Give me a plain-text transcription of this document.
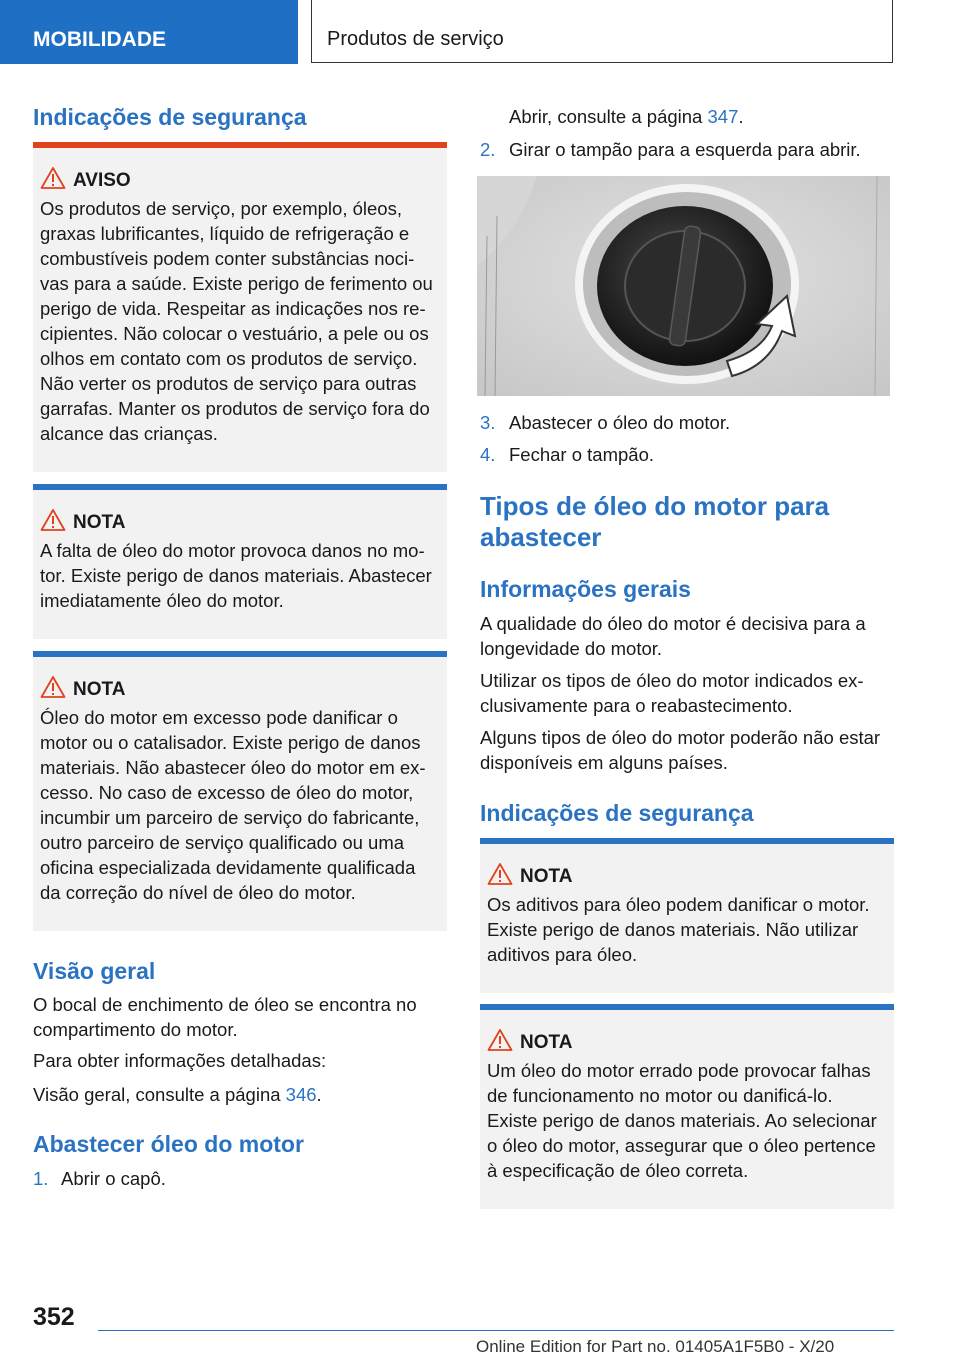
MOBILIDADE	Produtos de serviço
Indicações de segurança
AVISO
Os produtos de serviço, por exemplo, óleos,
graxas lubrificantes, líquido de refrigeração e
combustíveis podem conter substâncias noci-
vas para a saúde. Existe perigo de ferimento ou
perigo de vida. Respeitar as indicações nos re-
cipientes. Não colocar o vestuário, a pele ou os
olhos em contato com os produtos de serviço.
Não verter os produtos de serviço para outras
garrafas. Manter os produtos de serviço fora do
alcance das crianças.
NOTA
A falta de óleo do motor provoca danos no mo-
tor. Existe perigo de danos materiais. Abastecer
imediatamente óleo do motor.
NOTA
Óleo do motor em excesso pode danificar o
motor ou o catalisador. Existe perigo de danos
materiais. Não abastecer óleo do motor em ex-
cesso. No caso de excesso de óleo do motor,
incumbir um parceiro de serviço do fabricante,
outro parceiro de serviço qualificado ou uma
oficina especializada devidamente qualificada
da correção do nível de óleo do motor.
Visão geral
O bocal de enchimento de óleo se encontra no
compartimento do motor.
Para obter informações detalhadas:
Visão geral, consulte a página 346.
Abastecer óleo do motor
1. Abrir o capô.
Abrir, consulte a página 347.
2. Girar o tampão para a esquerda para abrir.
3. Abastecer o óleo do motor.
4. Fechar o tampão.
Tipos de óleo do motor para
abastecer
Informações gerais
A qualidade do óleo do motor é decisiva para a
longevidade do motor.
Utilizar os tipos de óleo do motor indicados ex-
clusivamente para o reabastecimento.
Alguns tipos de óleo do motor poderão não estar
disponíveis em alguns países.
Indicações de segurança
NOTA
Os aditivos para óleo podem danificar o motor.
Existe perigo de danos materiais. Não utilizar
aditivos para óleo.
NOTA
Um óleo do motor errado pode provocar falhas
de funcionamento no motor ou danificá-lo.
Existe perigo de danos materiais. Ao selecionar
o óleo do motor, assegurar que o óleo pertence
à especificação de óleo correta.
352
Online Edition for Part no. 01405A1F5B0 - X/20
